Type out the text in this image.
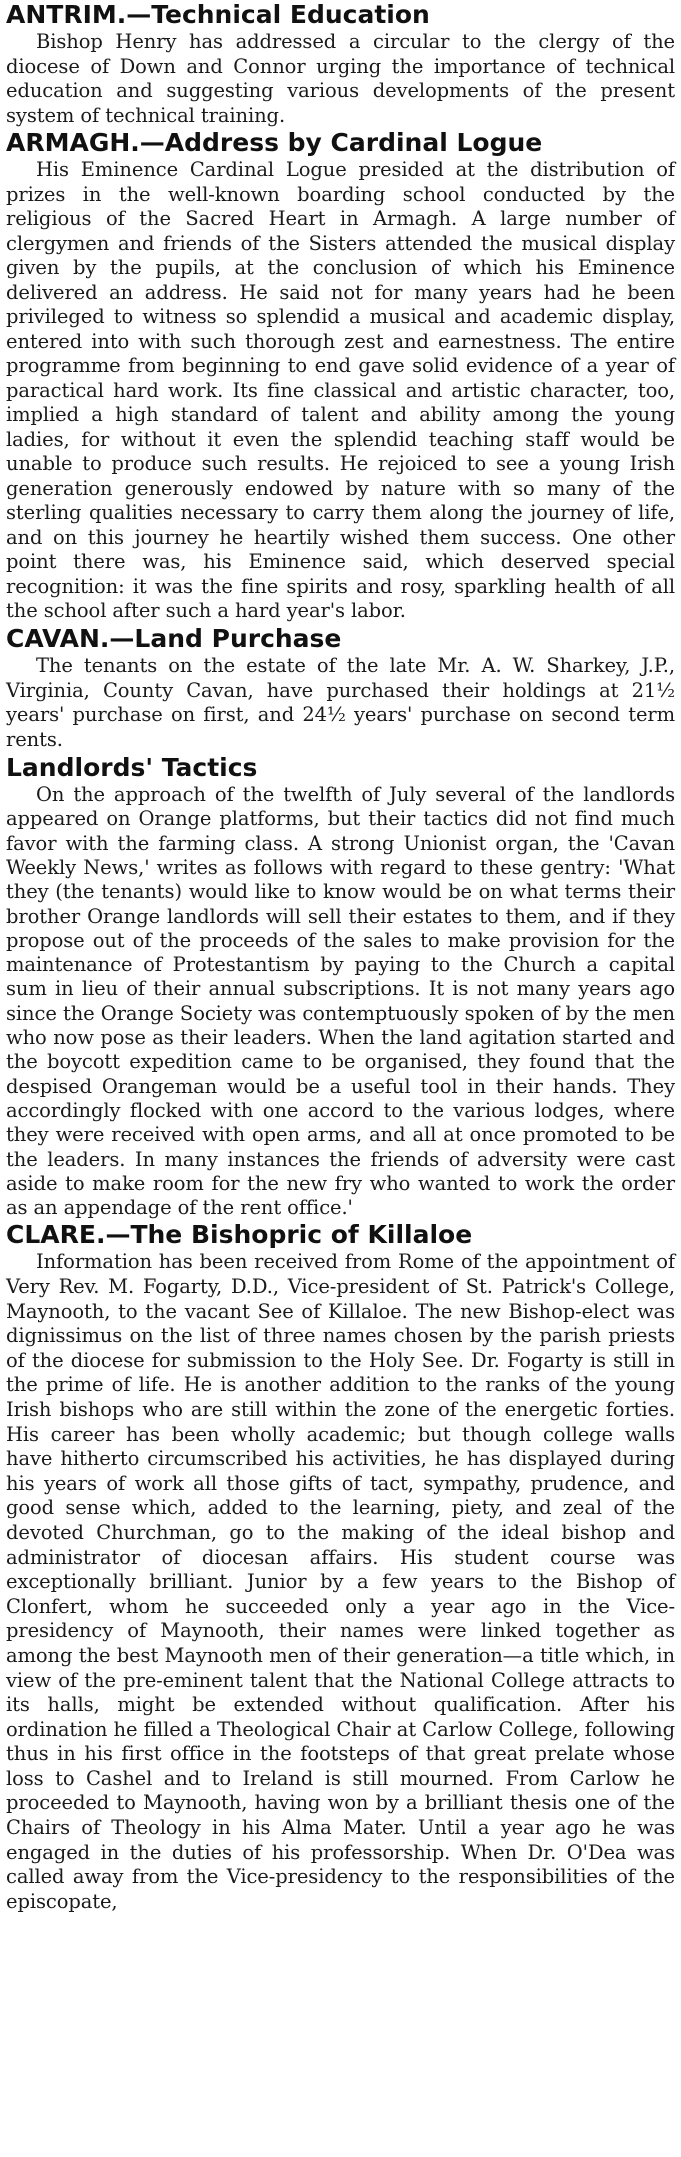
ANTRIM.—Technical Education

Bishop Henry has addressed a circular to the clergy of the diocese of Down and Connor urging the importance of technical education and suggesting various developments of the present system of technical training.

ARMAGH.—Address by Cardinal Logue

His Eminence Cardinal Logue presided at the distribution of prizes in the well-known boarding school conducted by the religious of the Sacred Heart in Armagh. A large number of clergymen and friends of the Sisters attended the musical display given by the pupils, at the conclusion of which his Eminence delivered an address. He said not for many years had he been privileged to witness so splendid a musical and academic display, entered into with such thorough zest and earnestness. The entire programme from beginning to end gave solid evidence of a year of paractical hard work. Its fine classical and artistic character, too, implied a high standard of talent and ability among the young ladies, for without it even the splendid teaching staff would be unable to produce such results. He rejoiced to see a young Irish generation generously endowed by nature with so many of the sterling qualities necessary to carry them along the journey of life, and on this journey he heartily wished them success. One other point there was, his Eminence said, which deserved special recognition: it was the fine spirits and rosy, sparkling health of all the school after such a hard year's labor.

CAVAN.—Land Purchase

The tenants on the estate of the late Mr. A. W. Sharkey, J.P., Virginia, County Cavan, have purchased their holdings at 21½ years' purchase on first, and 24½ years' purchase on second term rents.

Landlords' Tactics

On the approach of the twelfth of July several of the landlords appeared on Orange platforms, but their tactics did not find much favor with the farming class. A strong Unionist organ, the 'Cavan Weekly News,' writes as follows with regard to these gentry: 'What they (the tenants) would like to know would be on what terms their brother Orange landlords will sell their estates to them, and if they propose out of the proceeds of the sales to make provision for the maintenance of Protestantism by paying to the Church a capital sum in lieu of their annual subscriptions. It is not many years ago since the Orange Society was contemptuously spoken of by the men who now pose as their leaders. When the land agitation started and the boycott expedition came to be organised, they found that the despised Orangeman would be a useful tool in their hands. They accordingly flocked with one accord to the various lodges, where they were received with open arms, and all at once promoted to be the leaders. In many instances the friends of adversity were cast aside to make room for the new fry who wanted to work the order as an appendage of the rent office.'

CLARE.—The Bishopric of Killaloe

Information has been received from Rome of the appointment of Very Rev. M. Fogarty, D.D., Vice-president of St. Patrick's College, Maynooth, to the vacant See of Killaloe. The new Bishop-elect was dignissimus on the list of three names chosen by the parish priests of the diocese for submission to the Holy See. Dr. Fogarty is still in the prime of life. He is another addition to the ranks of the young Irish bishops who are still within the zone of the energetic forties. His career has been wholly academic; but though college walls have hitherto circumscribed his activities, he has displayed during his years of work all those gifts of tact, sympathy, prudence, and good sense which, added to the learning, piety, and zeal of the devoted Churchman, go to the making of the ideal bishop and administrator of diocesan affairs. His student course was exceptionally brilliant. Junior by a few years to the Bishop of Clonfert, whom he succeeded only a year ago in the Vice-presidency of Maynooth, their names were linked together as among the best Maynooth men of their generation—a title which, in view of the pre-eminent talent that the National College attracts to its halls, might be extended without qualification. After his ordination he filled a Theological Chair at Carlow College, following thus in his first office in the footsteps of that great prelate whose loss to Cashel and to Ireland is still mourned. From Carlow he proceeded to Maynooth, having won by a brilliant thesis one of the Chairs of Theology in his Alma Mater. Until a year ago he was engaged in the duties of his professorship. When Dr. O'Dea was called away from the Vice-presidency to the responsibilities of the episcopate,
